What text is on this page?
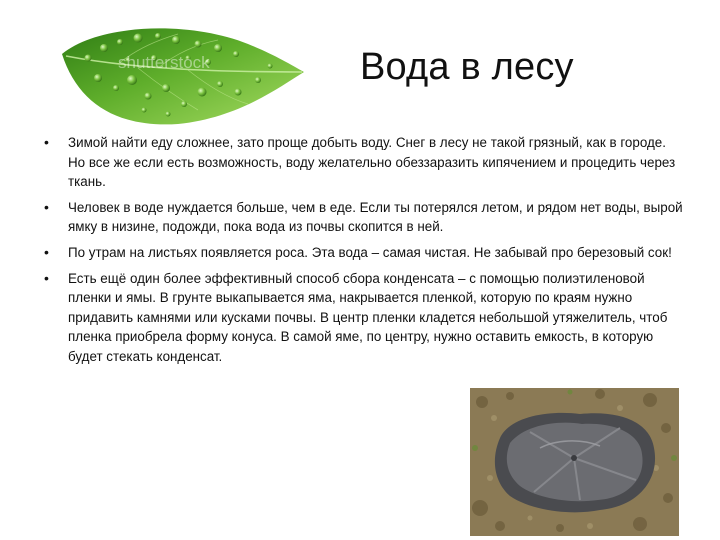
shutterstock	Вода в лесу
• Зимой найти еду сложнее, зато проще добыть воду. Снег в лесу не такой грязный, как в городе. Но все же если есть возможность, воду желательно обеззаразить кипячением и процедить через ткань.
• Человек в воде нуждается больше, чем в еде. Если ты потерялся летом, и рядом нет воды, вырой ямку в низине, подожди, пока вода из почвы скопится в ней.
• По утрам на листьях появляется роса. Эта вода – самая чистая. Не забывай про березовый сок!
• Есть ещё один более эффективный способ сбора конденсата – с помощью полиэтиленовой пленки и ямы. В грунте выкапывается яма, накрывается пленкой, которую по краям нужно придавить камнями или кусками почвы. В центр пленки кладется небольшой утяжелитель, чтоб пленка приобрела форму конуса. В самой яме, по центру, нужно оставить емкость, в которую будет стекать конденсат.
